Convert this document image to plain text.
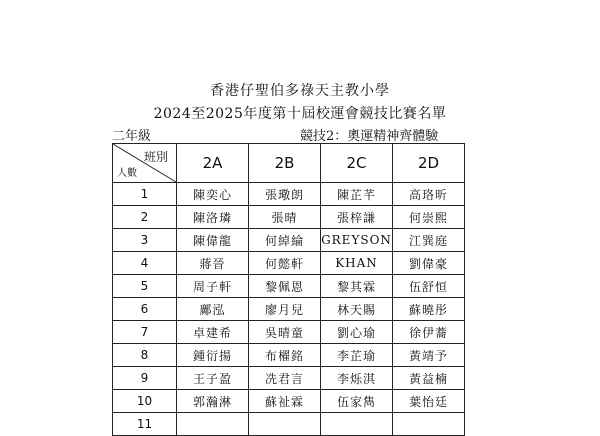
香港仔聖伯多祿天主教小學
2024至2025年度第十屆校運會競技比賽名單
二年級	競技2：奧運精神齊體驗
班別
人數	2A	2B	2C	2D
1	陳奕心	張璥朗	陳芷芊	高珞昕
2	陳洛璘	張晴	張梓謙	何崇熙
3	陳偉龍	何綽綸	GREYSON	江巽庭
4	蔣晉	何懿軒	KHAN	劉偉豪
5	周子軒	黎佩恩	黎其霖	伍舒恒
6	鄺泓	廖月兒	林天賜	蘇曉彤
7	卓建希	吳晴童	劉心瑜	徐伊蕎
8	鍾衍揚	布櫂銘	李芷瑜	黃靖予
9	王子盈	冼君言	李烁淇	黃益楠
10	郭瀚淋	蘇祉霖	伍家雋	葉怡廷
11				
